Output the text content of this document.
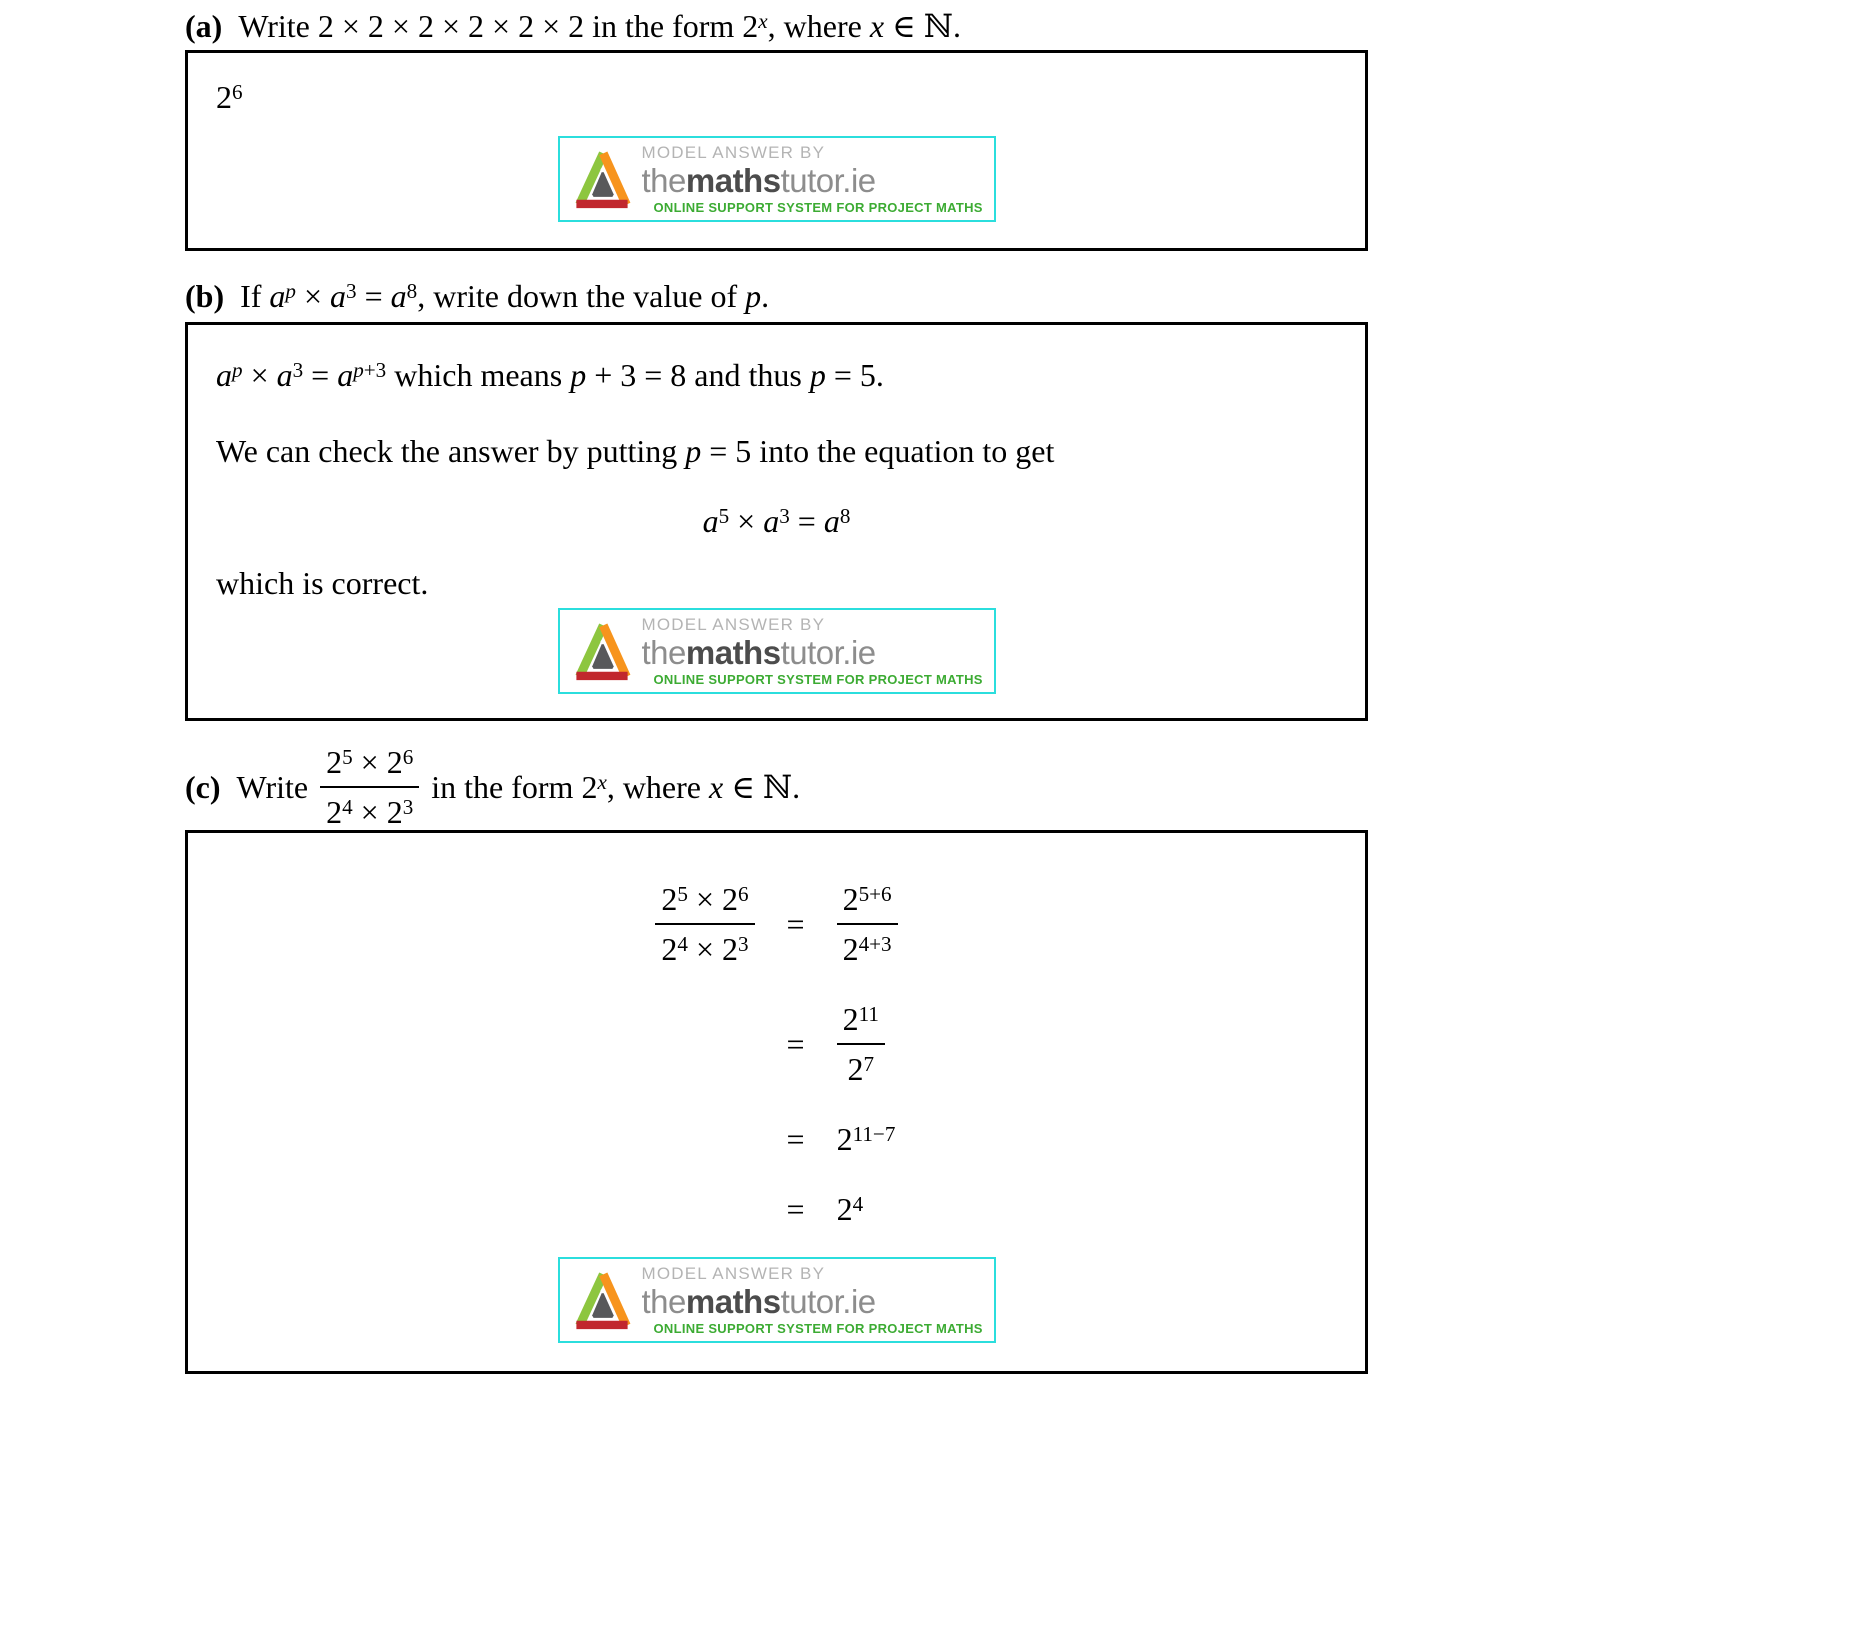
(a)  Write 2 × 2 × 2 × 2 × 2 × 2 in the form 2$^x$, where x ∈ ℕ.
$2^6$
MODEL ANSWER BY
themathstutor.ie
ONLINE SUPPORT SYSTEM FOR PROJECT MATHS
(b)  If $a^p \times a^3 = a^8$, write down the value of p.
$a^p \times a^3 = a^{p+3}$ which means p + 3 = 8 and thus p = 5.
We can check the answer by putting p = 5 into the equation to get
$a^5 \times a^3 = a^8$
which is correct.
MODEL ANSWER BY
themathstutor.ie
ONLINE SUPPORT SYSTEM FOR PROJECT MATHS
(c)  Write $\frac{2^5 \times 2^6}{2^4 \times 2^3}$ in the form 2$^x$, where x ∈ ℕ.
$\frac{2^5 \times 2^6}{2^4 \times 2^3} = \frac{2^{5+6}}{2^{4+3}}$
= $\frac{2^{11}}{2^7}$
= $2^{11-7}$
= $2^4$
MODEL ANSWER BY
themathstutor.ie
ONLINE SUPPORT SYSTEM FOR PROJECT MATHS
